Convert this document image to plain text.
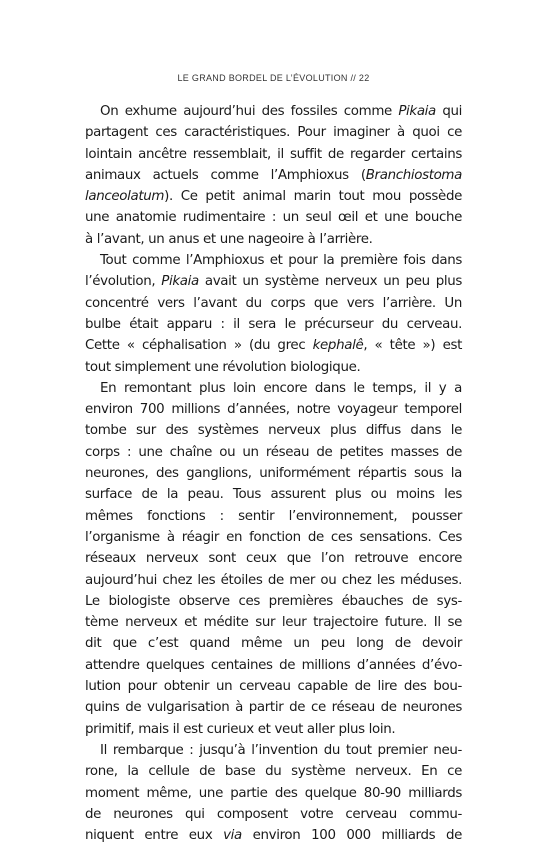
LE GRAND BORDEL DE L’ÉVOLUTION // 22
On exhume aujourd’hui des fossiles comme Pikaia qui
partagent ces caractéristiques. Pour imaginer à quoi ce
lointain ancêtre ressemblait, il suffit de regarder certains
animaux actuels comme l’Amphioxus (Branchiostoma
lanceolatum). Ce petit animal marin tout mou possède
une anatomie rudimentaire : un seul œil et une bouche
à l’avant, un anus et une nageoire à l’arrière.
Tout comme l’Amphioxus et pour la première fois dans
l’évolution, Pikaia avait un système nerveux un peu plus
concentré vers l’avant du corps que vers l’arrière. Un
bulbe était apparu : il sera le précurseur du cerveau.
Cette « céphalisation » (du grec kephalê, « tête ») est
tout simplement une révolution biologique.
En remontant plus loin encore dans le temps, il y a
environ 700 millions d’années, notre voyageur temporel
tombe sur des systèmes nerveux plus diffus dans le
corps : une chaîne ou un réseau de petites masses de
neurones, des ganglions, uniformément répartis sous la
surface de la peau. Tous assurent plus ou moins les
mêmes fonctions : sentir l’environnement, pousser
l’organisme à réagir en fonction de ces sensations. Ces
réseaux nerveux sont ceux que l’on retrouve encore
aujourd’hui chez les étoiles de mer ou chez les méduses.
Le biologiste observe ces premières ébauches de sys-
tème nerveux et médite sur leur trajectoire future. Il se
dit que c’est quand même un peu long de devoir
attendre quelques centaines de millions d’années d’évo-
lution pour obtenir un cerveau capable de lire des bou-
quins de vulgarisation à partir de ce réseau de neurones
primitif, mais il est curieux et veut aller plus loin.
Il rembarque : jusqu’à l’invention du tout premier neu-
rone, la cellule de base du système nerveux. En ce
moment même, une partie des quelque 80-90 milliards
de neurones qui composent votre cerveau commu-
niquent entre eux via environ 100 000 milliards de
